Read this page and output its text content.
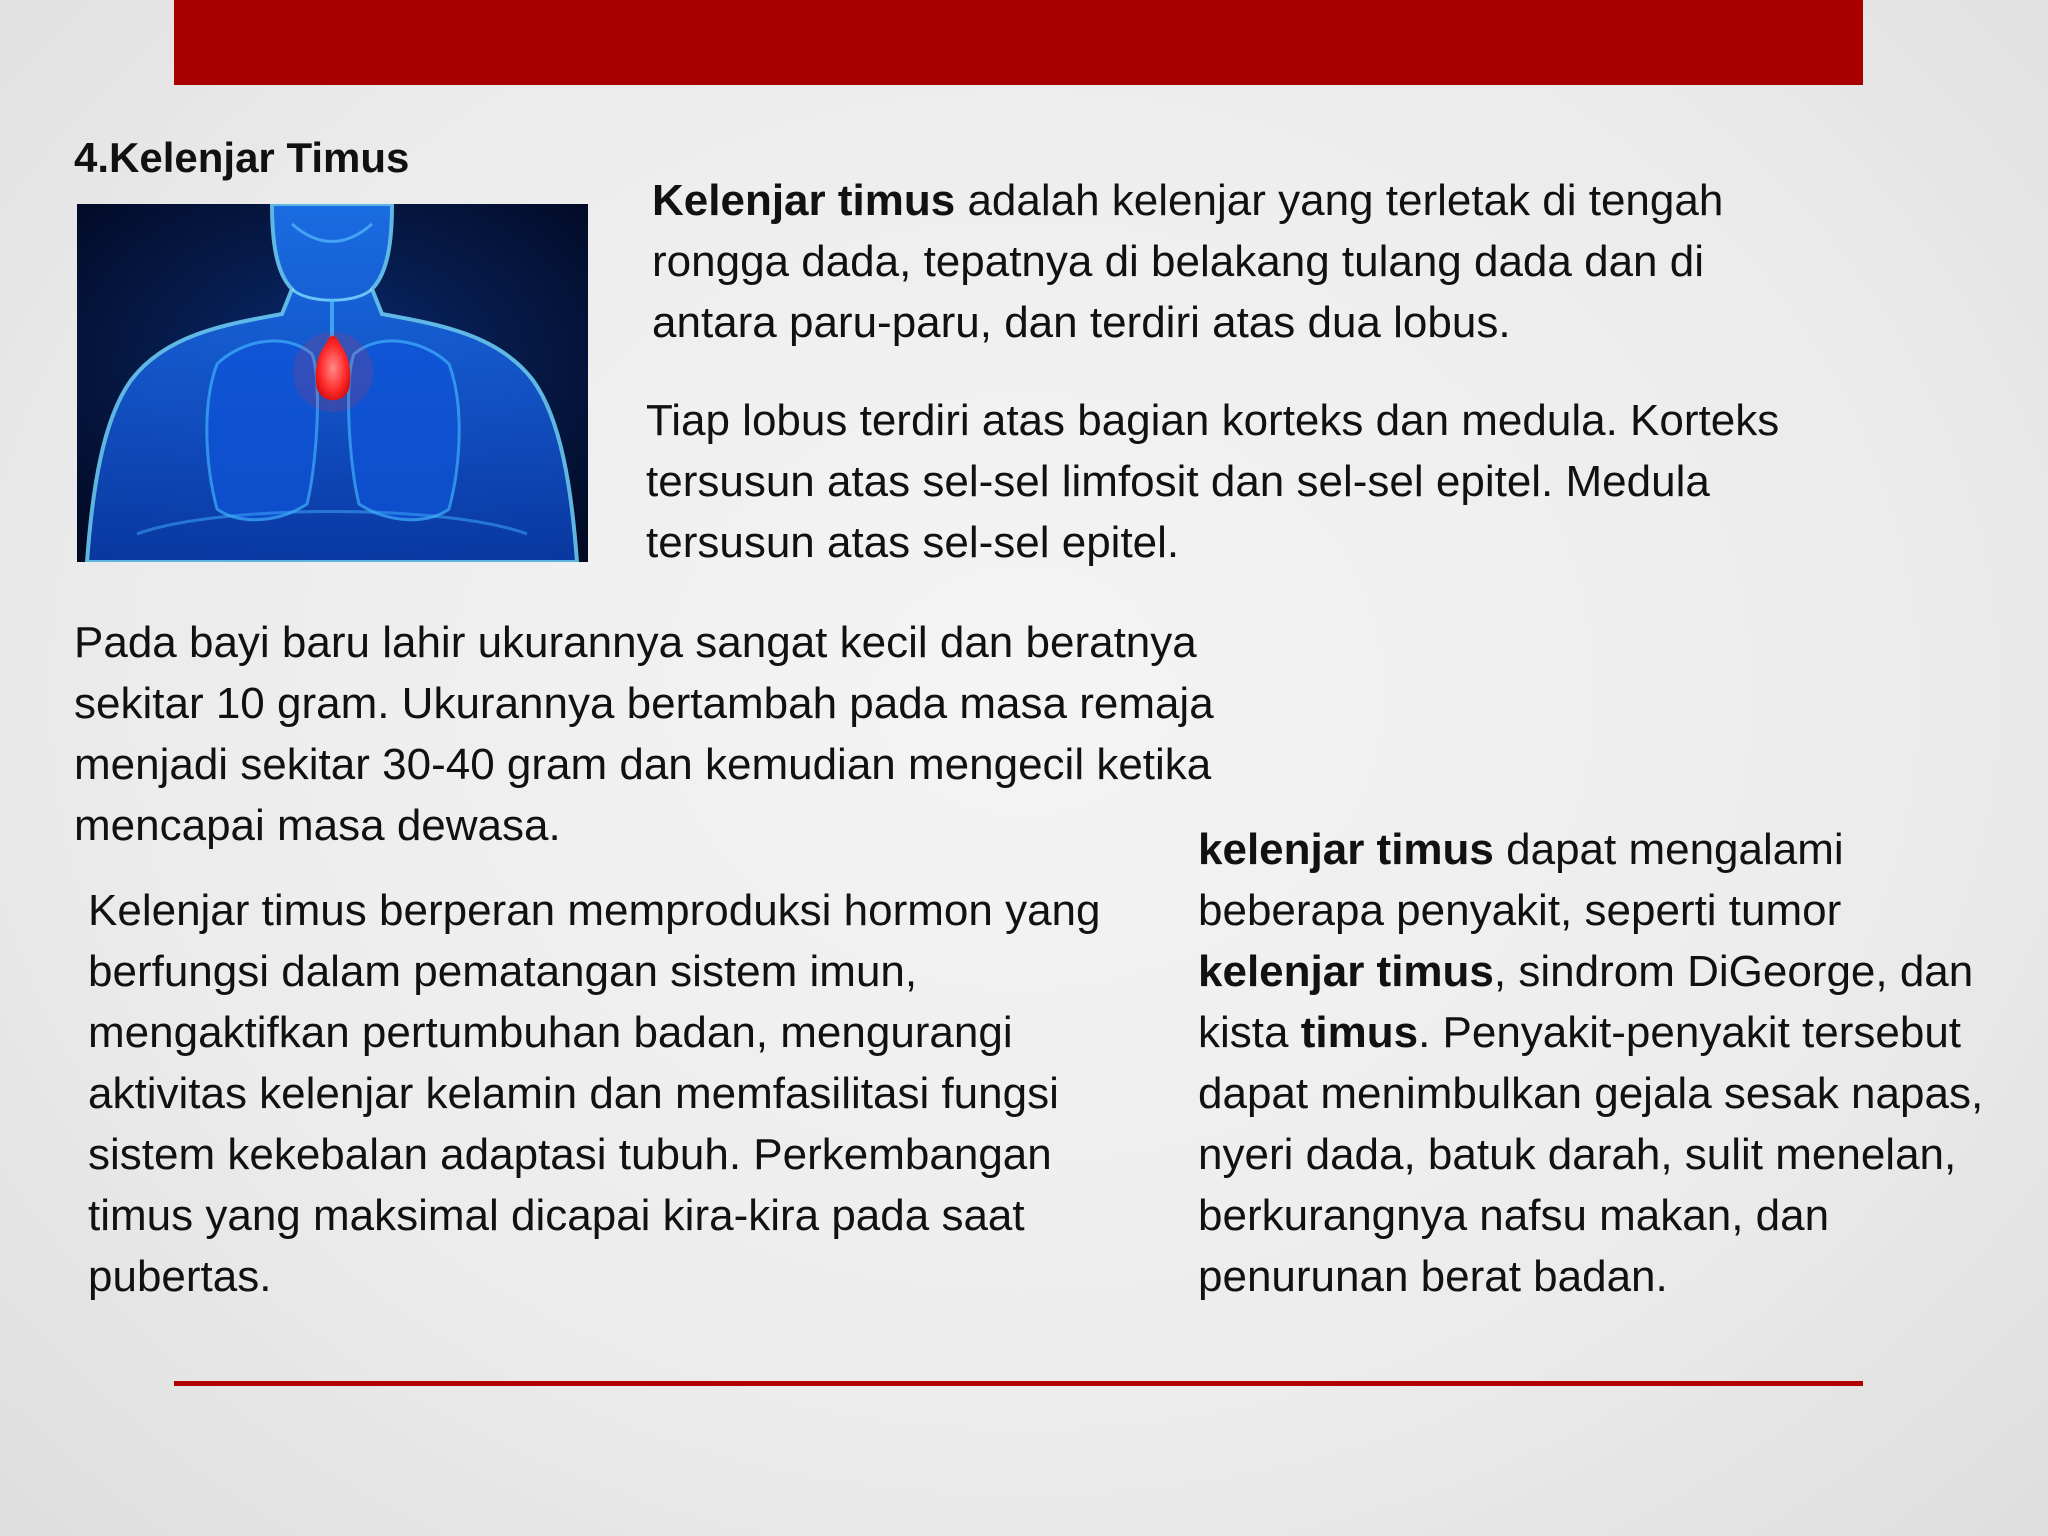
4.Kelenjar Timus
Kelenjar timus adalah kelenjar yang terletak di tengah rongga dada, tepatnya di belakang tulang dada dan di antara paru-paru, dan terdiri atas dua lobus.
Tiap lobus terdiri atas bagian korteks dan medula. Korteks tersusun atas sel-sel limfosit dan sel-sel epitel. Medula tersusun atas sel-sel epitel.
Pada bayi baru lahir ukurannya sangat kecil dan beratnya sekitar 10 gram. Ukurannya bertambah pada masa remaja menjadi sekitar 30-40 gram dan kemudian mengecil ketika mencapai masa dewasa.
Kelenjar timus berperan memproduksi hormon yang berfungsi dalam pematangan sistem imun, mengaktifkan pertumbuhan badan, mengurangi aktivitas kelenjar kelamin dan memfasilitasi fungsi sistem kekebalan adaptasi tubuh. Perkembangan timus yang maksimal dicapai kira-kira pada saat pubertas.
kelenjar timus dapat mengalami beberapa penyakit, seperti tumor kelenjar timus, sindrom DiGeorge, dan kista timus. Penyakit-penyakit tersebut dapat menimbulkan gejala sesak napas, nyeri dada, batuk darah, sulit menelan, berkurangnya nafsu makan, dan penurunan berat badan.
